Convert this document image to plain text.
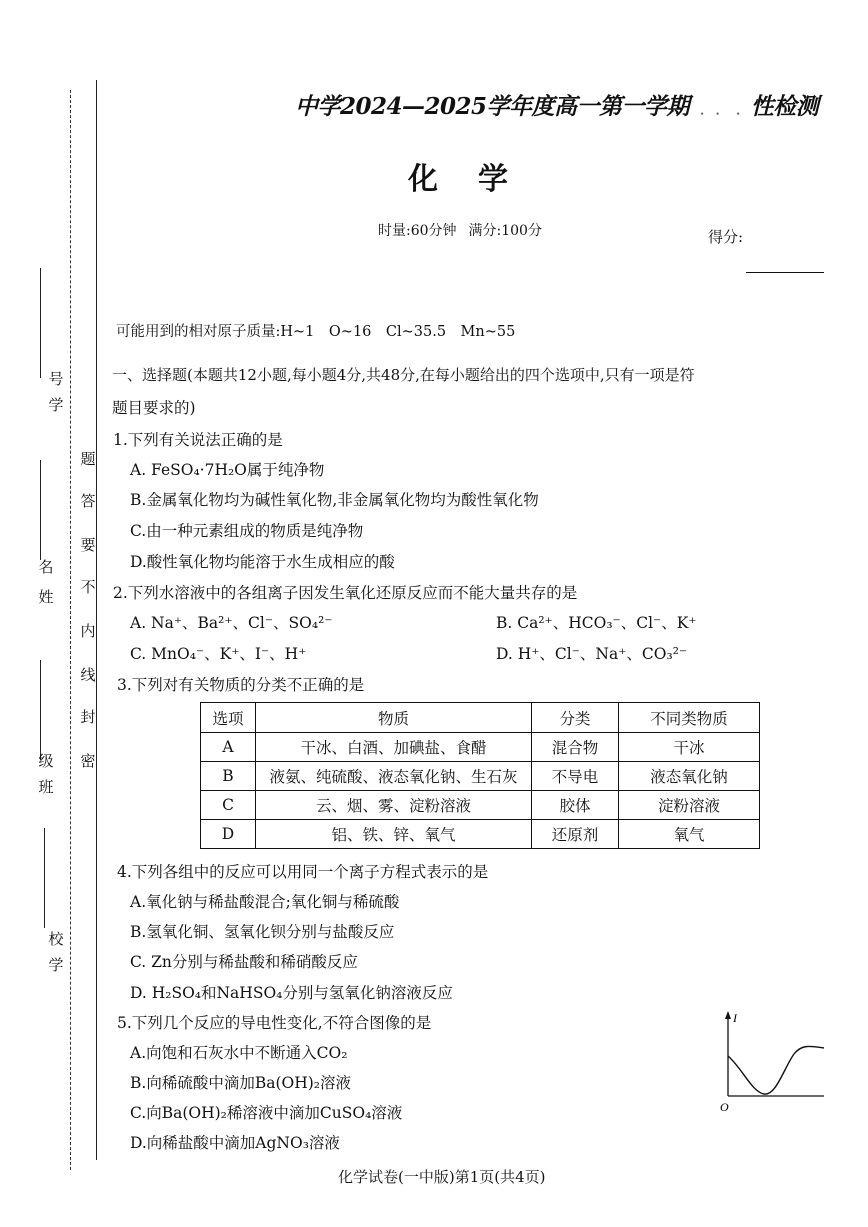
学
号
姓
名
班
级
学
校
题
答
要
不
内
线
封
密
中学2024—2025学年度高一第一学期 ﹒﹒ ﹒ 性检测
化学
时量:60分钟 满分:100分	得分:
可能用到的相对原子质量:H~1　O~16　Cl~35.5　Mn~55
一、选择题(本题共12小题,每小题4分,共48分,在每小题给出的四个选项中,只有一项是符
题目要求的)
1.下列有关说法正确的是
A. FeSO₄·7H₂O属于纯净物
B.金属氧化物均为碱性氧化物,非金属氧化物均为酸性氧化物
C.由一种元素组成的物质是纯净物
D.酸性氧化物均能溶于水生成相应的酸
2.下列水溶液中的各组离子因发生氧化还原反应而不能大量共存的是
A. Na⁺、Ba²⁺、Cl⁻、SO₄²⁻	B. Ca²⁺、HCO₃⁻、Cl⁻、K⁺
C. MnO₄⁻、K⁺、I⁻、H⁺	D. H⁺、Cl⁻、Na⁺、CO₃²⁻
3.下列对有关物质的分类不正确的是
选项	物质	分类	不同类物质
A	干冰、白酒、加碘盐、食醋	混合物	干冰
B	液氨、纯硫酸、液态氧化钠、生石灰	不导电	液态氧化钠
C	云、烟、雾、淀粉溶液	胶体	淀粉溶液
D	铝、铁、锌、氧气	还原剂	氧气
4.下列各组中的反应可以用同一个离子方程式表示的是
A.氧化钠与稀盐酸混合;氧化铜与稀硫酸
B.氢氧化铜、氢氧化钡分别与盐酸反应
C. Zn分别与稀盐酸和稀硝酸反应
D. H₂SO₄和NaHSO₄分别与氢氧化钠溶液反应
5.下列几个反应的导电性变化,不符合图像的是
A.向饱和石灰水中不断通入CO₂
B.向稀硫酸中滴加Ba(OH)₂溶液
C.向Ba(OH)₂稀溶液中滴加CuSO₄溶液
D.向稀盐酸中滴加AgNO₃溶液
I
O
化学试卷(一中版)第1页(共4页)
